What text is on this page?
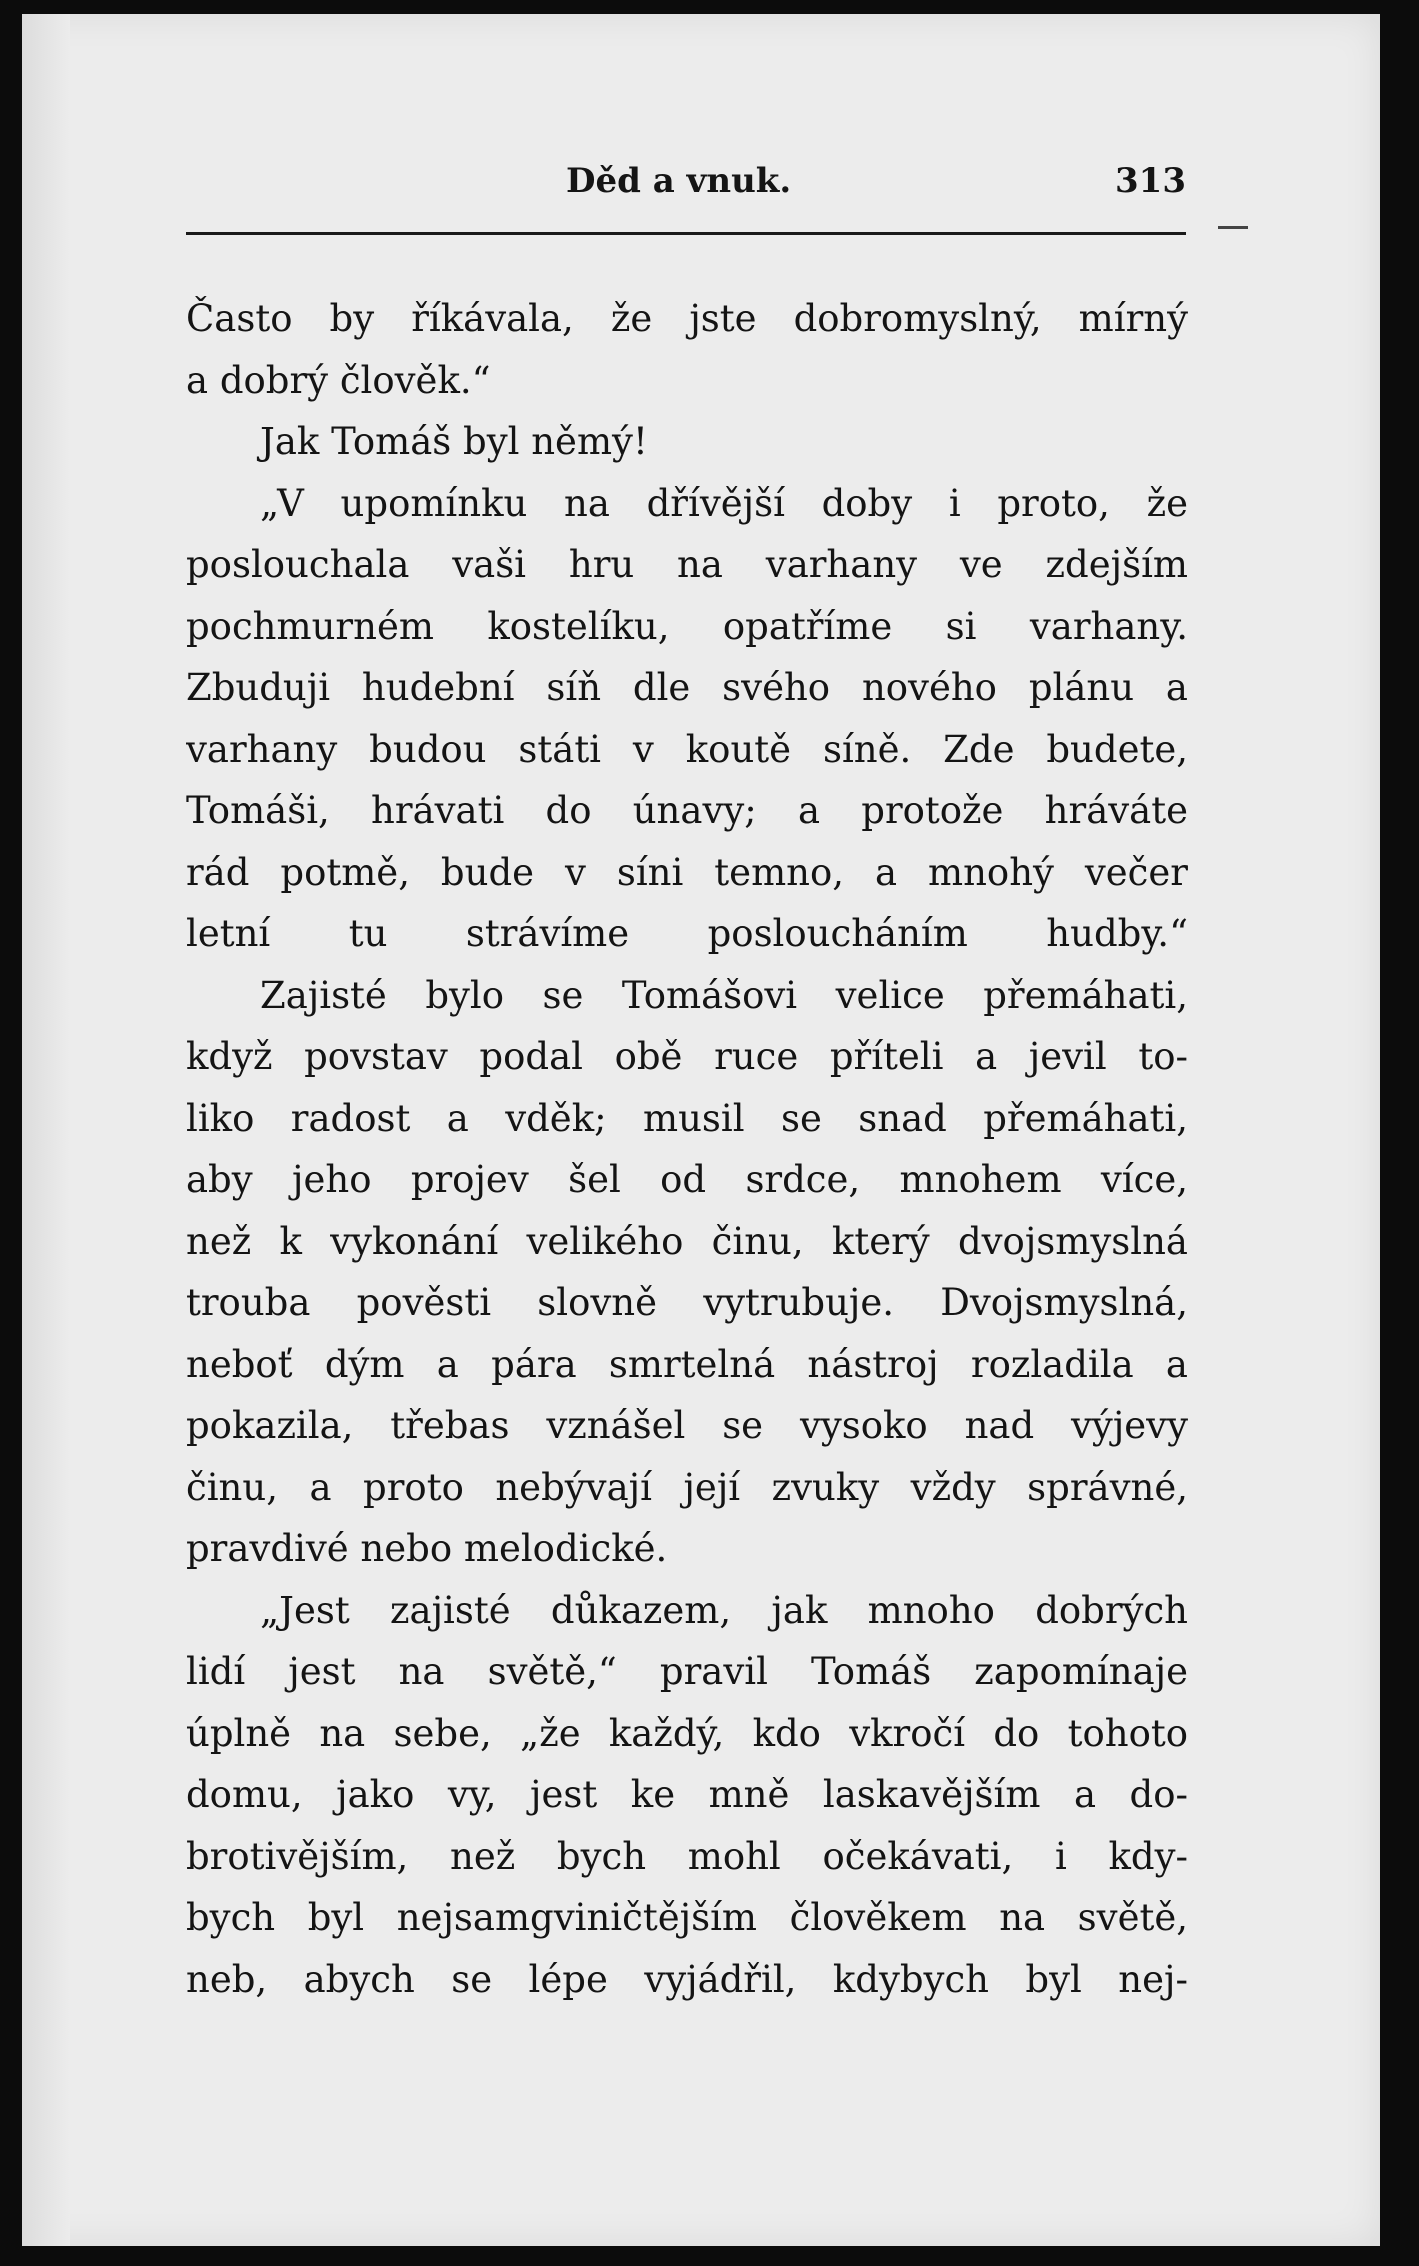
Děd a vnuk.	313
Často by říkávala, že jste dobromyslný, mírný
a dobrý člověk.“
Jak Tomáš byl němý!
„V upomínku na dřívější doby i proto, že
poslouchala vaši hru na varhany ve zdejším
pochmurném kostelíku, opatříme si varhany.
Zbuduji hudební síň dle svého nového plánu a
varhany budou státi v koutě síně. Zde budete,
Tomáši, hrávati do únavy; a protože hráváte
rád potmě, bude v síni temno, a mnohý večer
letní tu strávíme posloucháním hudby.“
Zajisté bylo se Tomášovi velice přemáhati,
když povstav podal obě ruce příteli a jevil to-
liko radost a vděk; musil se snad přemáhati,
aby jeho projev šel od srdce, mnohem více,
než k vykonání velikého činu, který dvojsmyslná
trouba pověsti slovně vytrubuje. Dvojsmyslná,
neboť dým a pára smrtelná nástroj rozladila a
pokazila, třebas vznášel se vysoko nad výjevy
činu, a proto nebývají její zvuky vždy správné,
pravdivé nebo melodické.
„Jest zajisté důkazem, jak mnoho dobrých
lidí jest na světě,“ pravil Tomáš zapomínaje
úplně na sebe, „že každý, kdo vkročí do tohoto
domu, jako vy, jest ke mně laskavějším a do-
brotivějším, než bych mohl očekávati, i kdy-
bych byl nejsamgviničtějším člověkem na světě,
neb, abych se lépe vyjádřil, kdybych byl nej-
